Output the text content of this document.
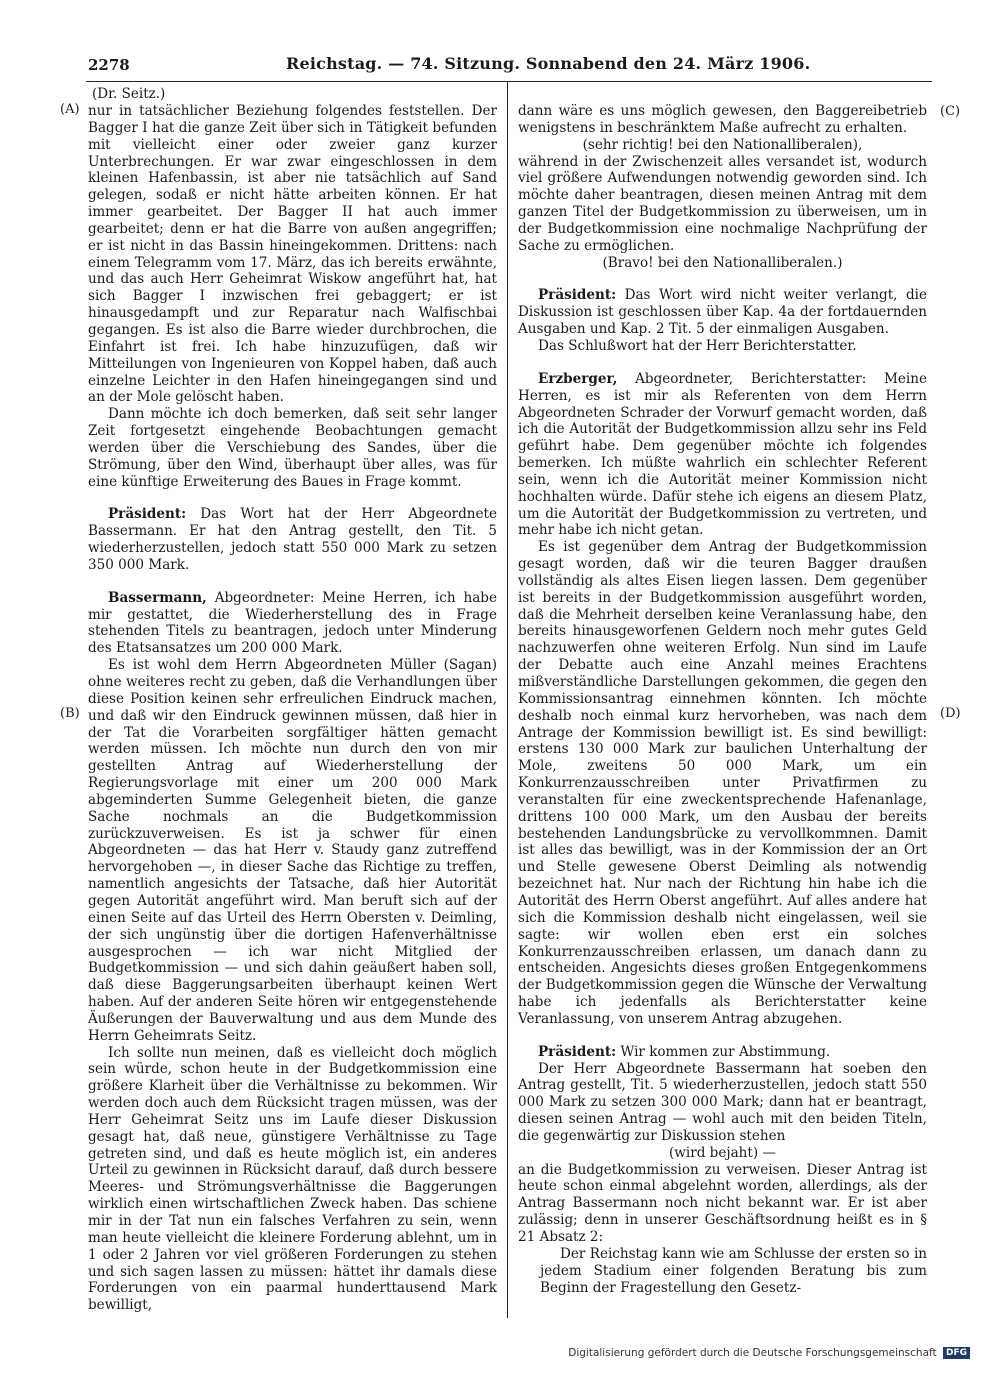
2278	Reichstag. — 74. Sitzung. Sonnabend den 24. März 1906.
(Dr. Seitz.)
(A)
(B)
(C)
(D)

nur in tatsächlicher Beziehung folgendes feststellen. Der Bagger I hat die ganze Zeit über sich in Tätigkeit befunden mit vielleicht einer oder zweier ganz kurzer Unterbrechungen. Er war zwar eingeschlossen in dem kleinen Hafenbassin, ist aber nie tatsächlich auf Sand gelegen, sodaß er nicht hätte arbeiten können. Er hat immer gearbeitet. Der Bagger II hat auch immer gearbeitet; denn er hat die Barre von außen angegriffen; er ist nicht in das Bassin hineingekommen. Drittens: nach einem Telegramm vom 17. März, das ich bereits erwähnte, und das auch Herr Geheimrat Wiskow angeführt hat, hat sich Bagger I inzwischen frei gebaggert; er ist hinausgedampft und zur Reparatur nach Walfischbai gegangen. Es ist also die Barre wieder durchbrochen, die Einfahrt ist frei. Ich habe hinzuzufügen, daß wir Mitteilungen von Ingenieuren von Koppel haben, daß auch einzelne Leichter in den Hafen hineingegangen sind und an der Mole gelöscht haben.

Dann möchte ich doch bemerken, daß seit sehr langer Zeit fortgesetzt eingehende Beobachtungen gemacht werden über die Verschiebung des Sandes, über die Strömung, über den Wind, überhaupt über alles, was für eine künftige Erweiterung des Baues in Frage kommt.

Präsident: Das Wort hat der Herr Abgeordnete Bassermann. Er hat den Antrag gestellt, den Tit. 5 wiederherzustellen, jedoch statt 550 000 Mark zu setzen 350 000 Mark.

Bassermann, Abgeordneter: Meine Herren, ich habe mir gestattet, die Wiederherstellung des in Frage stehenden Titels zu beantragen, jedoch unter Minderung des Etatsansatzes um 200 000 Mark.

Es ist wohl dem Herrn Abgeordneten Müller (Sagan) ohne weiteres recht zu geben, daß die Verhandlungen über diese Position keinen sehr erfreulichen Eindruck machen, und daß wir den Eindruck gewinnen müssen, daß hier in der Tat die Vorarbeiten sorgfältiger hätten gemacht werden müssen. Ich möchte nun durch den von mir gestellten Antrag auf Wiederherstellung der Regierungsvorlage mit einer um 200 000 Mark abgeminderten Summe Gelegenheit bieten, die ganze Sache nochmals an die Budgetkommission zurückzuverweisen. Es ist ja schwer für einen Abgeordneten — das hat Herr v. Staudy ganz zutreffend hervorgehoben —, in dieser Sache das Richtige zu treffen, namentlich angesichts der Tatsache, daß hier Autorität gegen Autorität angeführt wird. Man beruft sich auf der einen Seite auf das Urteil des Herrn Obersten v. Deimling, der sich ungünstig über die dortigen Hafenverhältnisse ausgesprochen — ich war nicht Mitglied der Budgetkommission — und sich dahin geäußert haben soll, daß diese Baggerungsarbeiten überhaupt keinen Wert haben. Auf der anderen Seite hören wir entgegenstehende Äußerungen der Bauverwaltung und aus dem Munde des Herrn Geheimrats Seitz.

Ich sollte nun meinen, daß es vielleicht doch möglich sein würde, schon heute in der Budgetkommission eine größere Klarheit über die Verhältnisse zu bekommen. Wir werden doch auch dem Rücksicht tragen müssen, was der Herr Geheimrat Seitz uns im Laufe dieser Diskussion gesagt hat, daß neue, günstigere Verhältnisse zu Tage getreten sind, und daß es heute möglich ist, ein anderes Urteil zu gewinnen in Rücksicht darauf, daß durch bessere Meeres- und Strömungsverhältnisse die Baggerungen wirklich einen wirtschaftlichen Zweck haben. Das schiene mir in der Tat nun ein falsches Verfahren zu sein, wenn man heute vielleicht die kleinere Forderung ablehnt, um in 1 oder 2 Jahren vor viel größeren Forderungen zu stehen und sich sagen lassen zu müssen: hättet ihr damals diese Forderungen von ein paarmal hunderttausend Mark bewilligt,

dann wäre es uns möglich gewesen, den Baggereibetrieb wenigstens in beschränktem Maße aufrecht zu erhalten.

(sehr richtig! bei den Nationalliberalen),

während in der Zwischenzeit alles versandet ist, wodurch viel größere Aufwendungen notwendig geworden sind. Ich möchte daher beantragen, diesen meinen Antrag mit dem ganzen Titel der Budgetkommission zu überweisen, um in der Budgetkommission eine nochmalige Nachprüfung der Sache zu ermöglichen.

(Bravo! bei den Nationalliberalen.)

Präsident: Das Wort wird nicht weiter verlangt, die Diskussion ist geschlossen über Kap. 4a der fortdauernden Ausgaben und Kap. 2 Tit. 5 der einmaligen Ausgaben.

Das Schlußwort hat der Herr Berichterstatter.

Erzberger, Abgeordneter, Berichterstatter: Meine Herren, es ist mir als Referenten von dem Herrn Abgeordneten Schrader der Vorwurf gemacht worden, daß ich die Autorität der Budgetkommission allzu sehr ins Feld geführt habe. Dem gegenüber möchte ich folgendes bemerken. Ich müßte wahrlich ein schlechter Referent sein, wenn ich die Autorität meiner Kommission nicht hochhalten würde. Dafür stehe ich eigens an diesem Platz, um die Autorität der Budgetkommission zu vertreten, und mehr habe ich nicht getan.

Es ist gegenüber dem Antrag der Budgetkommission gesagt worden, daß wir die teuren Bagger draußen vollständig als altes Eisen liegen lassen. Dem gegenüber ist bereits in der Budgetkommission ausgeführt worden, daß die Mehrheit derselben keine Veranlassung habe, den bereits hinausgeworfenen Geldern noch mehr gutes Geld nachzuwerfen ohne weiteren Erfolg. Nun sind im Laufe der Debatte auch eine Anzahl meines Erachtens mißverständliche Darstellungen gekommen, die gegen den Kommissionsantrag einnehmen könnten. Ich möchte deshalb noch einmal kurz hervorheben, was nach dem Antrage der Kommission bewilligt ist. Es sind bewilligt: erstens 130 000 Mark zur baulichen Unterhaltung der Mole, zweitens 50 000 Mark, um ein Konkurrenzausschreiben unter Privatfirmen zu veranstalten für eine zweckentsprechende Hafenanlage, drittens 100 000 Mark, um den Ausbau der bereits bestehenden Landungsbrücke zu vervollkommnen. Damit ist alles das bewilligt, was in der Kommission der an Ort und Stelle gewesene Oberst Deimling als notwendig bezeichnet hat. Nur nach der Richtung hin habe ich die Autorität des Herrn Oberst angeführt. Auf alles andere hat sich die Kommission deshalb nicht eingelassen, weil sie sagte: wir wollen eben erst ein solches Konkurrenzausschreiben erlassen, um danach dann zu entscheiden. Angesichts dieses großen Entgegenkommens der Budgetkommission gegen die Wünsche der Verwaltung habe ich jedenfalls als Berichterstatter keine Veranlassung, von unserem Antrag abzugehen.

Präsident: Wir kommen zur Abstimmung.

Der Herr Abgeordnete Bassermann hat soeben den Antrag gestellt, Tit. 5 wiederherzustellen, jedoch statt 550 000 Mark zu setzen 300 000 Mark; dann hat er beantragt, diesen seinen Antrag — wohl auch mit den beiden Titeln, die gegenwärtig zur Diskussion stehen

(wird bejaht) —

an die Budgetkommission zu verweisen. Dieser Antrag ist heute schon einmal abgelehnt worden, allerdings, als der Antrag Bassermann noch nicht bekannt war. Er ist aber zulässig; denn in unserer Geschäftsordnung heißt es in § 21 Absatz 2:

Der Reichstag kann wie am Schlusse der ersten so in jedem Stadium einer folgenden Beratung bis zum Beginn der Fragestellung den Gesetz-

Digitalisierung gefördert durch die Deutsche Forschungsgemeinschaft DFG
